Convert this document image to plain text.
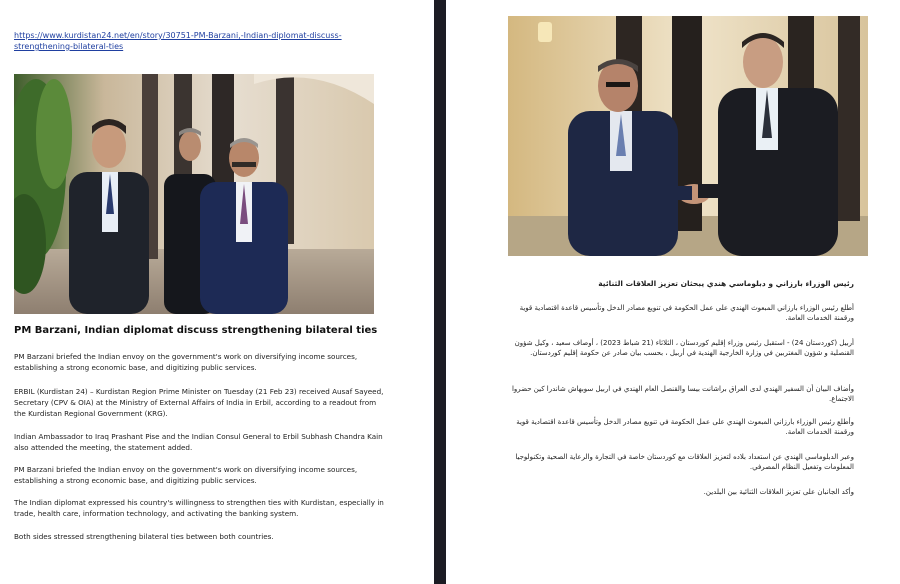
https://www.kurdistan24.net/en/story/30751-PM-Barzani,-Indian-diplomat-discuss-strengthening-bilateral-ties
PM Barzani, Indian diplomat discuss strengthening bilateral ties
PM Barzani briefed the Indian envoy on the government's work on diversifying income sources, establishing a strong economic base, and digitizing public services.
ERBIL (Kurdistan 24) – Kurdistan Region Prime Minister on Tuesday (21 Feb 23) received Ausaf Sayeed, Secretary (CPV & OIA) at the Ministry of External Affairs of India in Erbil, according to a readout from the Kurdistan Regional Government (KRG).
Indian Ambassador to Iraq Prashant Pise and the Indian Consul General to Erbil Subhash Chandra Kain also attended the meeting, the statement added.
PM Barzani briefed the Indian envoy on the government's work on diversifying income sources, establishing a strong economic base, and digitizing public services.
The Indian diplomat expressed his country's willingness to strengthen ties with Kurdistan, especially in trade, health care, information technology, and activating the banking system.
Both sides stressed strengthening bilateral ties between both countries.
رئيس الوزراء بارزاني و دبلوماسي هندي يبحثان تعزيز العلاقات الثنائية
أطلع رئيس الوزراء بارزاني المبعوث الهندي على عمل الحكومة في تنويع مصادر الدخل وتأسيس قاعدة اقتصادية قوية ورقمنة الخدمات العامة.
أربيل (كوردستان 24) - استقبل رئيس وزراء إقليم كوردستان ، الثلاثاء (21 شباط 2023) ، أوصاف سعيد ، وكيل شؤون القنصلية و شؤون المغتربين في وزارة الخارجية الهندية في أربيل ، بحسب بيان صادر عن حكومة إقليم كوردستان.
وأضاف البيان أن السفير الهندي لدى العراق براشانت بيسا والقنصل العام الهندي في اربيل سوبهاش شاندرا كين حضروا الاجتماع.
وأطلع رئيس الوزراء بارزاني المبعوث الهندي على عمل الحكومة في تنويع مصادر الدخل وتأسيس قاعدة اقتصادية قوية ورقمنة الخدمات العامة.
وعبر الدبلوماسي الهندي عن استعداد بلاده لتعزيز العلاقات مع كوردستان خاصة في التجارة والرعاية الصحية وتكنولوجيا المعلومات وتفعيل النظام المصرفي.
وأكد الجانبان على تعزيز العلاقات الثنائية بين البلدين.
